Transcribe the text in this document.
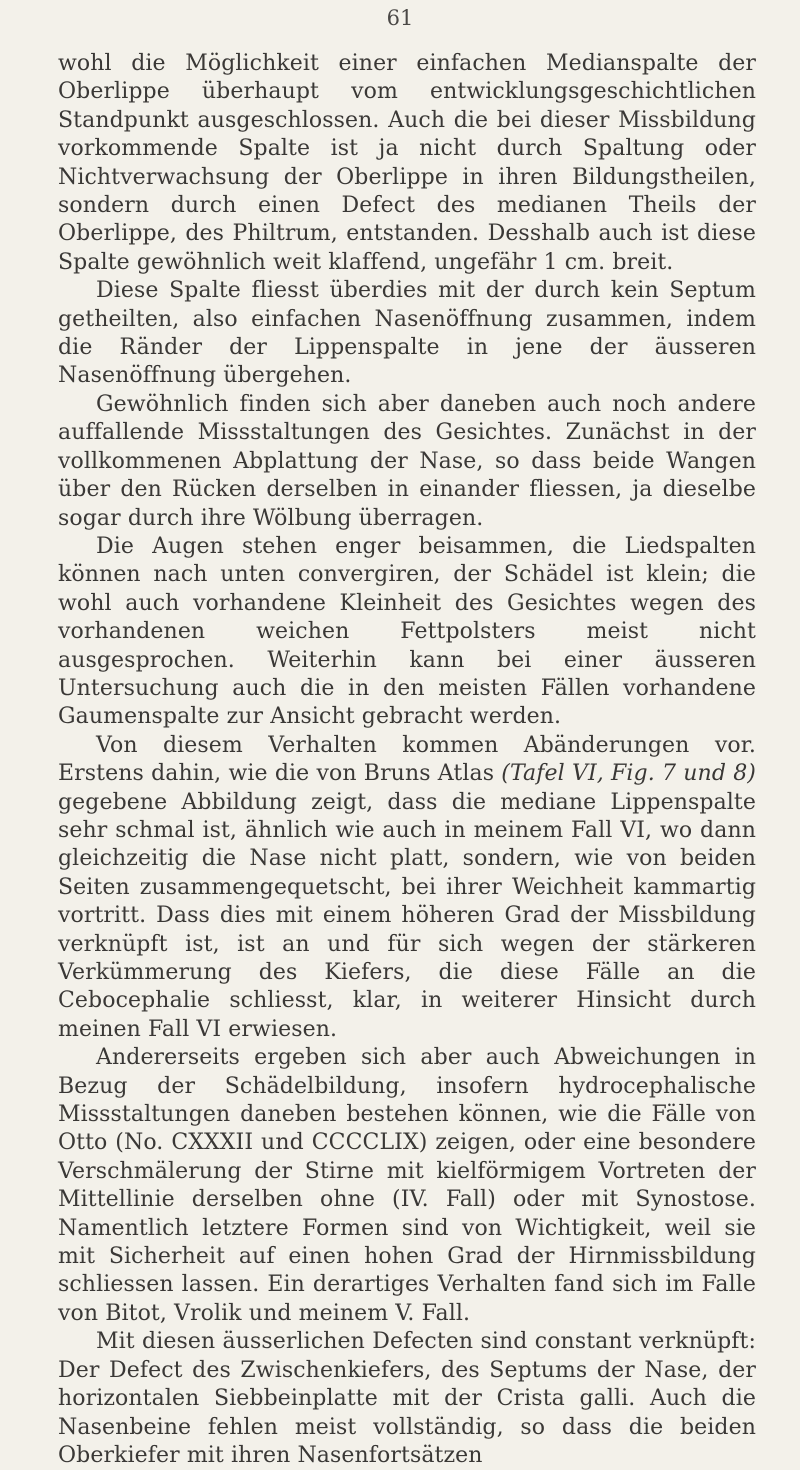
61

wohl die Möglichkeit einer einfachen Medianspalte der Oberlippe überhaupt vom entwicklungsgeschichtlichen Standpunkt ausgeschlossen. Auch die bei dieser Missbildung vorkommende Spalte ist ja nicht durch Spaltung oder Nichtverwachsung der Oberlippe in ihren Bildungstheilen, sondern durch einen Defect des medianen Theils der Oberlippe, des Philtrum, entstanden. Desshalb auch ist diese Spalte gewöhnlich weit klaffend, ungefähr 1 cm. breit.

Diese Spalte fliesst überdies mit der durch kein Septum getheilten, also einfachen Nasenöffnung zusammen, indem die Ränder der Lippenspalte in jene der äusseren Nasenöffnung übergehen.

Gewöhnlich finden sich aber daneben auch noch andere auffallende Missstaltungen des Gesichtes. Zunächst in der vollkommenen Abplattung der Nase, so dass beide Wangen über den Rücken derselben in einander fliessen, ja dieselbe sogar durch ihre Wölbung überragen.

Die Augen stehen enger beisammen, die Liedspalten können nach unten convergiren, der Schädel ist klein; die wohl auch vorhandene Kleinheit des Gesichtes wegen des vorhandenen weichen Fettpolsters meist nicht ausgesprochen. Weiterhin kann bei einer äusseren Untersuchung auch die in den meisten Fällen vorhandene Gaumenspalte zur Ansicht gebracht werden.

Von diesem Verhalten kommen Abänderungen vor. Erstens dahin, wie die von Bruns Atlas (Tafel VI, Fig. 7 und 8) gegebene Abbildung zeigt, dass die mediane Lippenspalte sehr schmal ist, ähnlich wie auch in meinem Fall VI, wo dann gleichzeitig die Nase nicht platt, sondern, wie von beiden Seiten zusammengequetscht, bei ihrer Weichheit kammartig vortritt. Dass dies mit einem höheren Grad der Missbildung verknüpft ist, ist an und für sich wegen der stärkeren Verkümmerung des Kiefers, die diese Fälle an die Cebocephalie schliesst, klar, in weiterer Hinsicht durch meinen Fall VI erwiesen.

Andererseits ergeben sich aber auch Abweichungen in Bezug der Schädelbildung, insofern hydrocephalische Missstaltungen daneben bestehen können, wie die Fälle von Otto (No. CXXXII und CCCCLIX) zeigen, oder eine besondere Verschmälerung der Stirne mit kielförmigem Vortreten der Mittellinie derselben ohne (IV. Fall) oder mit Synostose. Namentlich letztere Formen sind von Wichtigkeit, weil sie mit Sicherheit auf einen hohen Grad der Hirnmissbildung schliessen lassen. Ein derartiges Verhalten fand sich im Falle von Bitot, Vrolik und meinem V. Fall.

Mit diesen äusserlichen Defecten sind constant verknüpft: Der Defect des Zwischenkiefers, des Septums der Nase, der horizontalen Siebbeinplatte mit der Crista galli. Auch die Nasenbeine fehlen meist vollständig, so dass die beiden Oberkiefer mit ihren Nasenfortsätzen
